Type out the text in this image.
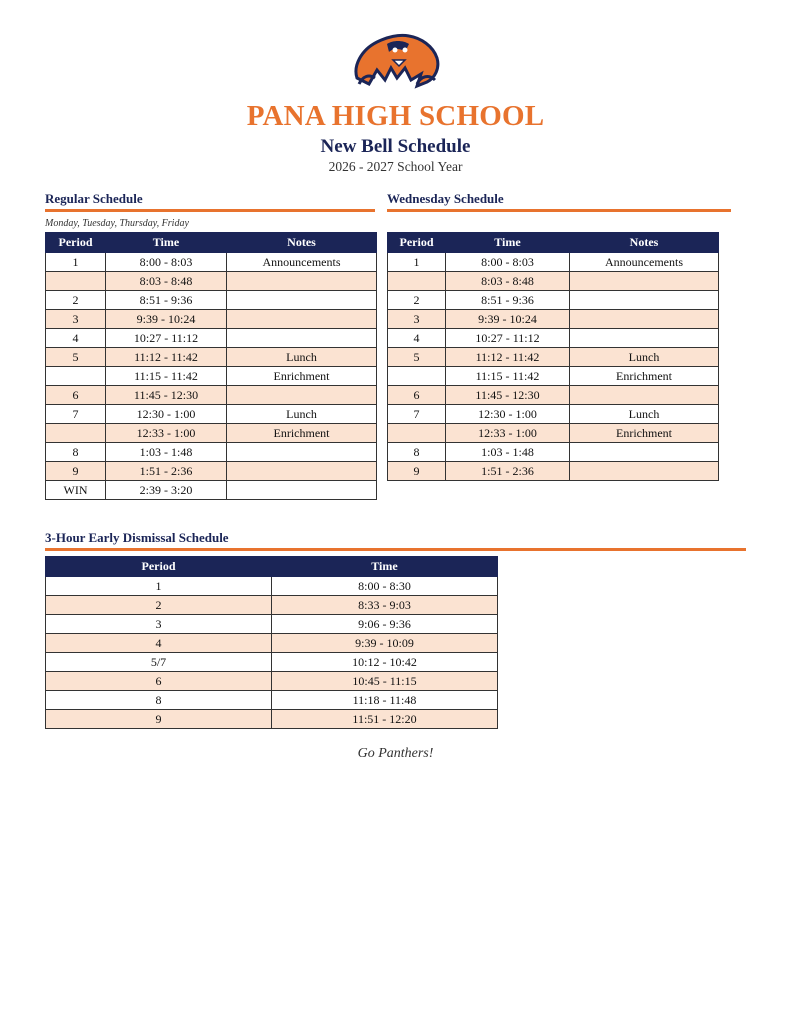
PANA HIGH SCHOOL
New Bell Schedule
2026 - 2027 School Year
Regular Schedule
Monday, Tuesday, Thursday, Friday
Period	Time	Notes
1	8:00 - 8:03	Announcements
	8:03 - 8:48	
2	8:51 - 9:36	
3	9:39 - 10:24	
4	10:27 - 11:12	
5	11:12 - 11:42	Lunch
	11:15 - 11:42	Enrichment
6	11:45 - 12:30	
7	12:30 - 1:00	Lunch
	12:33 - 1:00	Enrichment
8	1:03 - 1:48	
9	1:51 - 2:36	
WIN	2:39 - 3:20	
Wednesday Schedule
Period	Time	Notes
1	8:00 - 8:03	Announcements
	8:03 - 8:48	
2	8:51 - 9:36	
3	9:39 - 10:24	
4	10:27 - 11:12	
5	11:12 - 11:42	Lunch
	11:15 - 11:42	Enrichment
6	11:45 - 12:30	
7	12:30 - 1:00	Lunch
	12:33 - 1:00	Enrichment
8	1:03 - 1:48	
9	1:51 - 2:36	
3-Hour Early Dismissal Schedule
Period	Time
1	8:00 - 8:30
2	8:33 - 9:03
3	9:06 - 9:36
4	9:39 - 10:09
5/7	10:12 - 10:42
6	10:45 - 11:15
8	11:18 - 11:48
9	11:51 - 12:20
Go Panthers!
